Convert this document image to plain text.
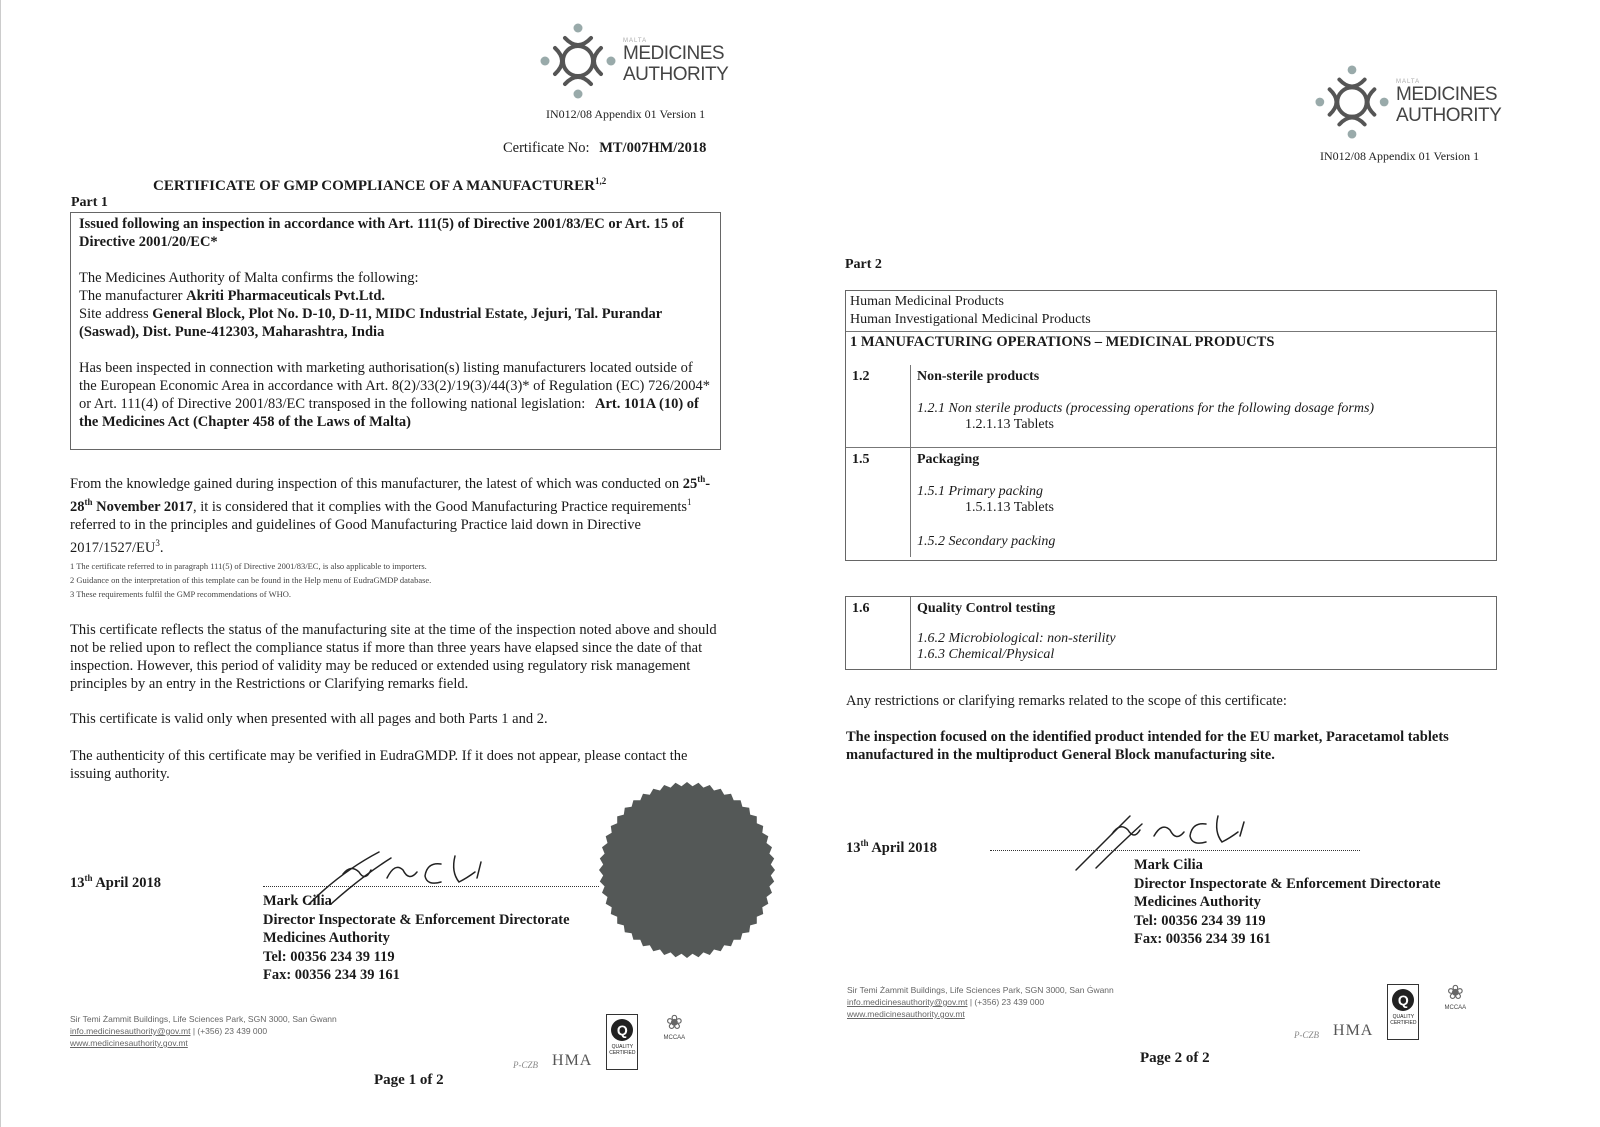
MALTA
MEDICINES
AUTHORITY
IN012/08 Appendix 01 Version 1
Certificate No: MT/007HM/2018
CERTIFICATE OF GMP COMPLIANCE OF A MANUFACTURER$^{1,2}$
Part 1
Issued following an inspection in accordance with Art. 111(5) of Directive 2001/83/EC or Art. 15 of Directive 2001/20/EC*
The Medicines Authority of Malta confirms the following:
The manufacturer Akriti Pharmaceuticals Pvt.Ltd.
Site address General Block, Plot No. D-10, D-11, MIDC Industrial Estate, Jejuri, Tal. Purandar (Saswad), Dist. Pune-412303, Maharashtra, India
Has been inspected in connection with marketing authorisation(s) listing manufacturers located outside of the European Economic Area in accordance with Art. 8(2)/33(2)/19(3)/44(3)* of Regulation (EC) 726/2004* or Art. 111(4) of Directive 2001/83/EC transposed in the following national legislation: Art. 101A (10) of the Medicines Act (Chapter 458 of the Laws of Malta)
From the knowledge gained during inspection of this manufacturer, the latest of which was conducted on 25th-28th November 2017, it is considered that it complies with the Good Manufacturing Practice requirements$^1$ referred to in the principles and guidelines of Good Manufacturing Practice laid down in Directive $2017/1527/EU^3$.
1 The certificate referred to in paragraph 111(5) of Directive 2001/83/EC, is also applicable to importers.
2 Guidance on the interpretation of this template can be found in the Help menu of EudraGMDP database.
3 These requirements fulfil the GMP recommendations of WHO.
This certificate reflects the status of the manufacturing site at the time of the inspection noted above and should not be relied upon to reflect the compliance status if more than three years have elapsed since the date of that inspection. However, this period of validity may be reduced or extended using regulatory risk management principles by an entry in the Restrictions or Clarifying remarks field.
This certificate is valid only when presented with all pages and both Parts 1 and 2.
The authenticity of this certificate may be verified in EudraGMDP. If it does not appear, please contact the issuing authority.
13th April 2018
Mark Cilia
Director Inspectorate & Enforcement Directorate
Medicines Authority
Tel: 00356 234 39 119
Fax: 00356 234 39 161
Sir Temi Żammit Buildings, Life Sciences Park, SGN 3000, San Ġwann
info.medicinesauthority@gov.mt | (+356) 23 439 000
www.medicinesauthority.gov.mt
P-CZB HMA
Q
QUALITY CERTIFIED
❀
MCCAA
Page 1 of 2
MALTA
MEDICINES
AUTHORITY
IN012/08 Appendix 01 Version 1
Part 2
Human Medicinal Products
Human Investigational Medicinal Products
1 MANUFACTURING OPERATIONS – MEDICINAL PRODUCTS
1.2	Non-sterile products
1.2.1 Non sterile products (processing operations for the following dosage forms)
1.2.1.13 Tablets

1.5	Packaging
1.5.1 Primary packing
1.5.1.13 Tablets
1.5.2 Secondary packing
1.6	Quality Control testing
1.6.2 Microbiological: non-sterility
1.6.3 Chemical/Physical
Any restrictions or clarifying remarks related to the scope of this certificate:
The inspection focused on the identified product intended for the EU market, Paracetamol tablets manufactured in the multiproduct General Block manufacturing site.
13th April 2018
Mark Cilia
Director Inspectorate & Enforcement Directorate
Medicines Authority
Tel: 00356 234 39 119
Fax: 00356 234 39 161
Sir Temi Żammit Buildings, Life Sciences Park, SGN 3000, San Ġwann
info.medicinesauthority@gov.mt | (+356) 23 439 000
www.medicinesauthority.gov.mt
P-CZB HMA
Q
QUALITY CERTIFIED
❀
MCCAA
Page 2 of 2
